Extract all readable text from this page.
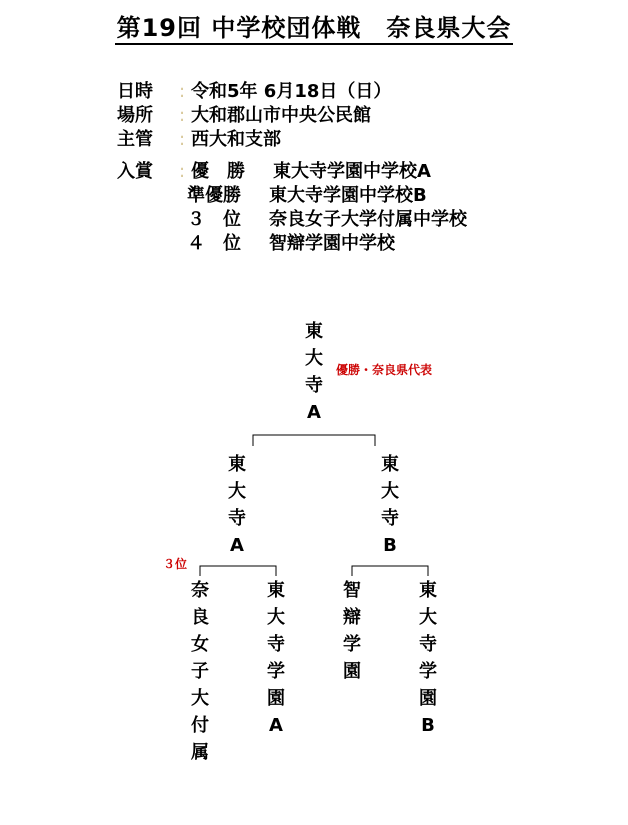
第19回 中学校団体戦　奈良県大会
日時	: 令和5年 6月18日（日）
場所	: 大和郡山市中央公民館
主管	: 西大和支部
入賞	: 優　勝	東大寺学園中学校A
準優勝	東大寺学園中学校B
３　位	奈良女子大学付属中学校
４　位	智辯学園中学校
東
大
寺
A
優勝・奈良県代表
東
大
寺
A
東
大
寺
B
３位
奈
良
女
子
大
付
属
東
大
寺
学
園
A
智
辯
学
園
東
大
寺
学
園
B
